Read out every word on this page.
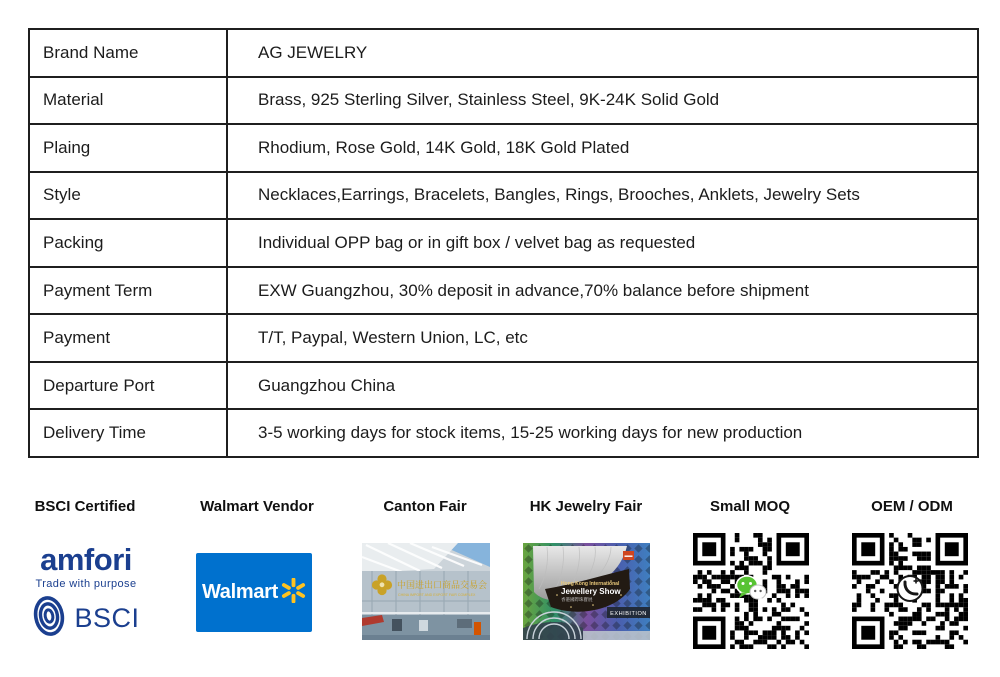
Brand Name	AG JEWELRY
Material	Brass, 925 Sterling Silver, Stainless Steel, 9K-24K Solid Gold
Plaing	Rhodium, Rose Gold, 14K Gold, 18K Gold Plated
Style	Necklaces,Earrings, Bracelets, Bangles, Rings, Brooches, Anklets, Jewelry Sets
Packing	Individual OPP bag or in gift box / velvet bag as requested
Payment Term	EXW Guangzhou, 30% deposit in advance,70% balance before shipment
Payment	T/T, Paypal, Western Union, LC, etc
Departure Port	Guangzhou China
Delivery Time	3-5 working days for stock items, 15-25 working days for new production
BSCI Certified	Walmart Vendor	Canton Fair	HK Jewelry Fair	Small MOQ	OEM / ODM
amfori
Trade with purpose
BSCI
Walmart	中国进出口商品交易会
CHINA IMPORT AND EXPORT FAIR COMPLEX
Hong Kong International
Jewellery Show
香港國際珠寶展
EXHIBITION
